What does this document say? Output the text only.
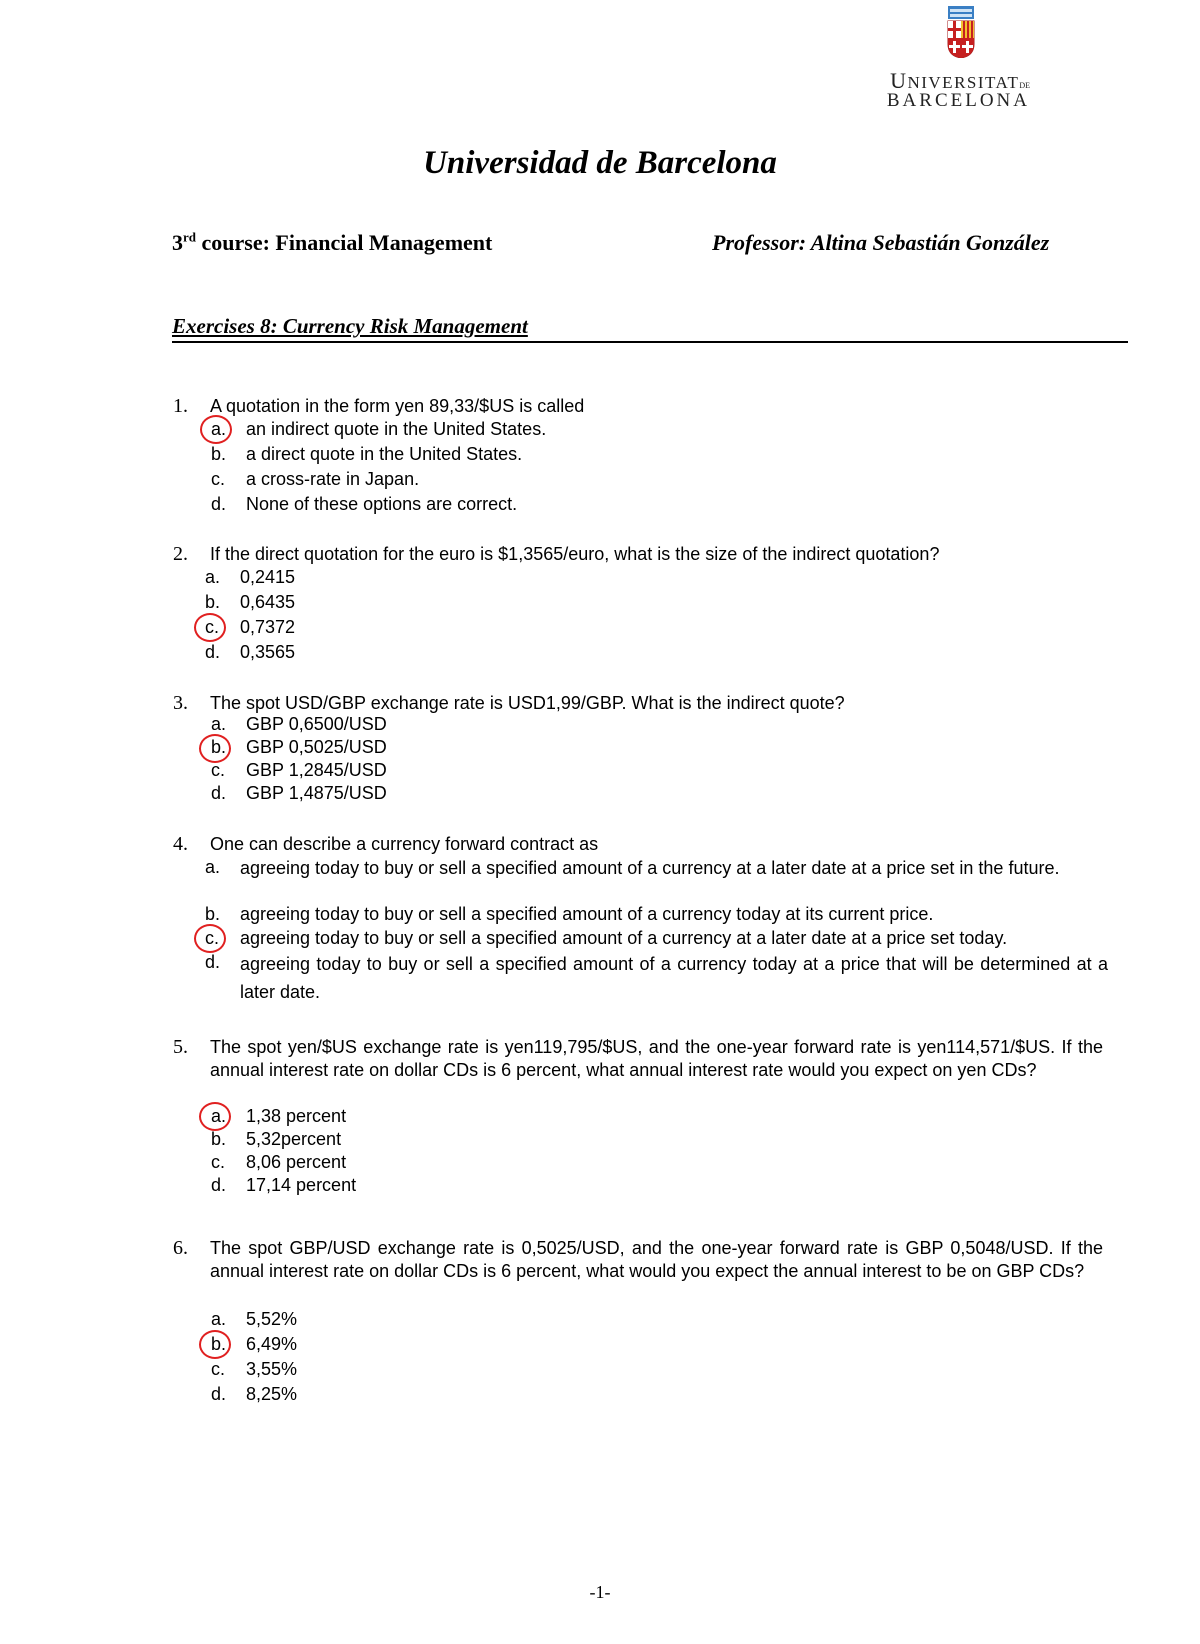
UNIVERSITATDE
BARCELONA
Universidad de Barcelona
3rd course: Financial Management	Professor: Altina Sebastián González
Exercises 8: Currency Risk Management
1. A quotation in the form yen 89,33/$US is called
a. an indirect quote in the United States.
b. a direct quote in the United States.
c. a cross-rate in Japan.
d. None of these options are correct.
2. If the direct quotation for the euro is $1,3565/euro, what is the size of the indirect quotation?
a. 0,2415
b. 0,6435
c. 0,7372
d. 0,3565
3. The spot USD/GBP exchange rate is USD1,99/GBP. What is the indirect quote?
a. GBP 0,6500/USD
b. GBP 0,5025/USD
c. GBP 1,2845/USD
d. GBP 1,4875/USD
4. One can describe a currency forward contract as
a. agreeing today to buy or sell a specified amount of a currency at a later date at a price set in the future.
b. agreeing today to buy or sell a specified amount of a currency today at its current price.
c. agreeing today to buy or sell a specified amount of a currency at a later date at a price set today.
d. agreeing today to buy or sell a specified amount of a currency today at a price that will be determined at a later date.
5. The spot yen/$US exchange rate is yen119,795/$US, and the one-year forward rate is yen114,571/$US. If the annual interest rate on dollar CDs is 6 percent, what annual interest rate would you expect on yen CDs?
a. 1,38 percent
b. 5,32percent
c. 8,06 percent
d. 17,14 percent
6. The spot GBP/USD exchange rate is 0,5025/USD, and the one-year forward rate is GBP 0,5048/USD. If the annual interest rate on dollar CDs is 6 percent, what would you expect the annual interest to be on GBP CDs?
a. 5,52%
b. 6,49%
c. 3,55%
d. 8,25%
-1-
